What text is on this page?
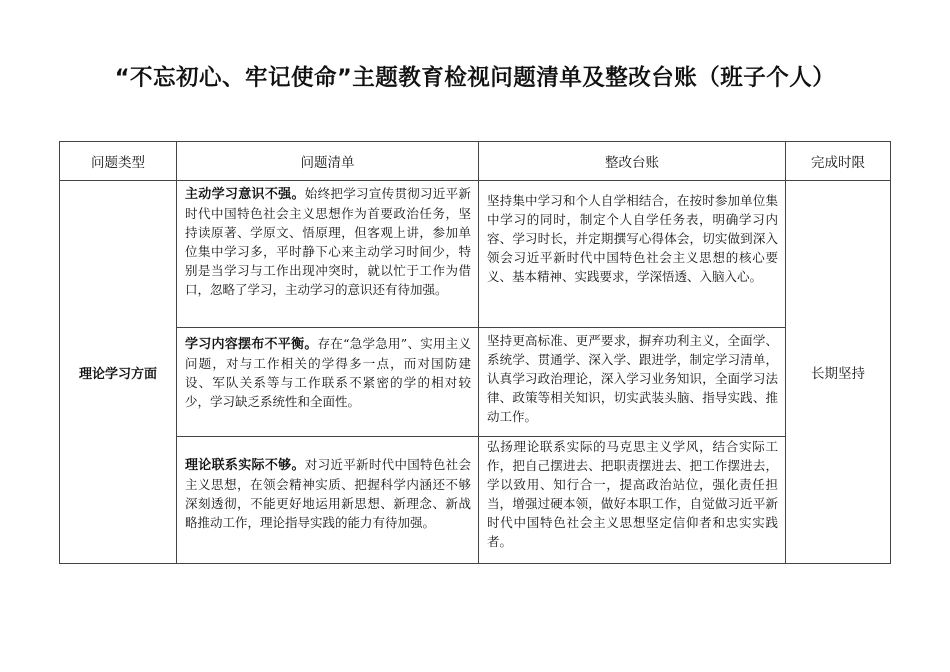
“不忘初心、牢记使命”主题教育检视问题清单及整改台账（班子个人）
问题类型	问题清单	整改台账	完成时限
理论学习方面	主动学习意识不强。始终把学习宣传贯彻习近平新时代中国特色社会主义思想作为首要政治任务，坚持读原著、学原文、悟原理，但客观上讲，参加单位集中学习多，平时静下心来主动学习时间少，特别是当学习与工作出现冲突时，就以忙于工作为借口，忽略了学习，主动学习的意识还有待加强。	坚持集中学习和个人自学相结合，在按时参加单位集中学习的同时，制定个人自学任务表，明确学习内容、学习时长，并定期撰写心得体会，切实做到深入领会习近平新时代中国特色社会主义思想的核心要义、基本精神、实践要求，学深悟透、入脑入心。	长期坚持

	学习内容摆布不平衡。存在“急学急用”、实用主义问题，对与工作相关的学得多一点，而对国防建设、军队关系等与工作联系不紧密的学的相对较少，学习缺乏系统性和全面性。	坚持更高标准、更严要求，摒弃功利主义，全面学、系统学、贯通学、深入学、跟进学，制定学习清单，认真学习政治理论，深入学习业务知识，全面学习法律、政策等相关知识，切实武装头脑、指导实践、推动工作。	

	理论联系实际不够。对习近平新时代中国特色社会主义思想，在领会精神实质、把握科学内涵还不够深刻透彻，不能更好地运用新思想、新理念、新战略推动工作，理论指导实践的能力有待加强。	弘扬理论联系实际的马克思主义学风，结合实际工作，把自己摆进去、把职责摆进去、把工作摆进去，学以致用、知行合一，提高政治站位，强化责任担当，增强过硬本领，做好本职工作，自觉做习近平新时代中国特色社会主义思想坚定信仰者和忠实实践者。	
